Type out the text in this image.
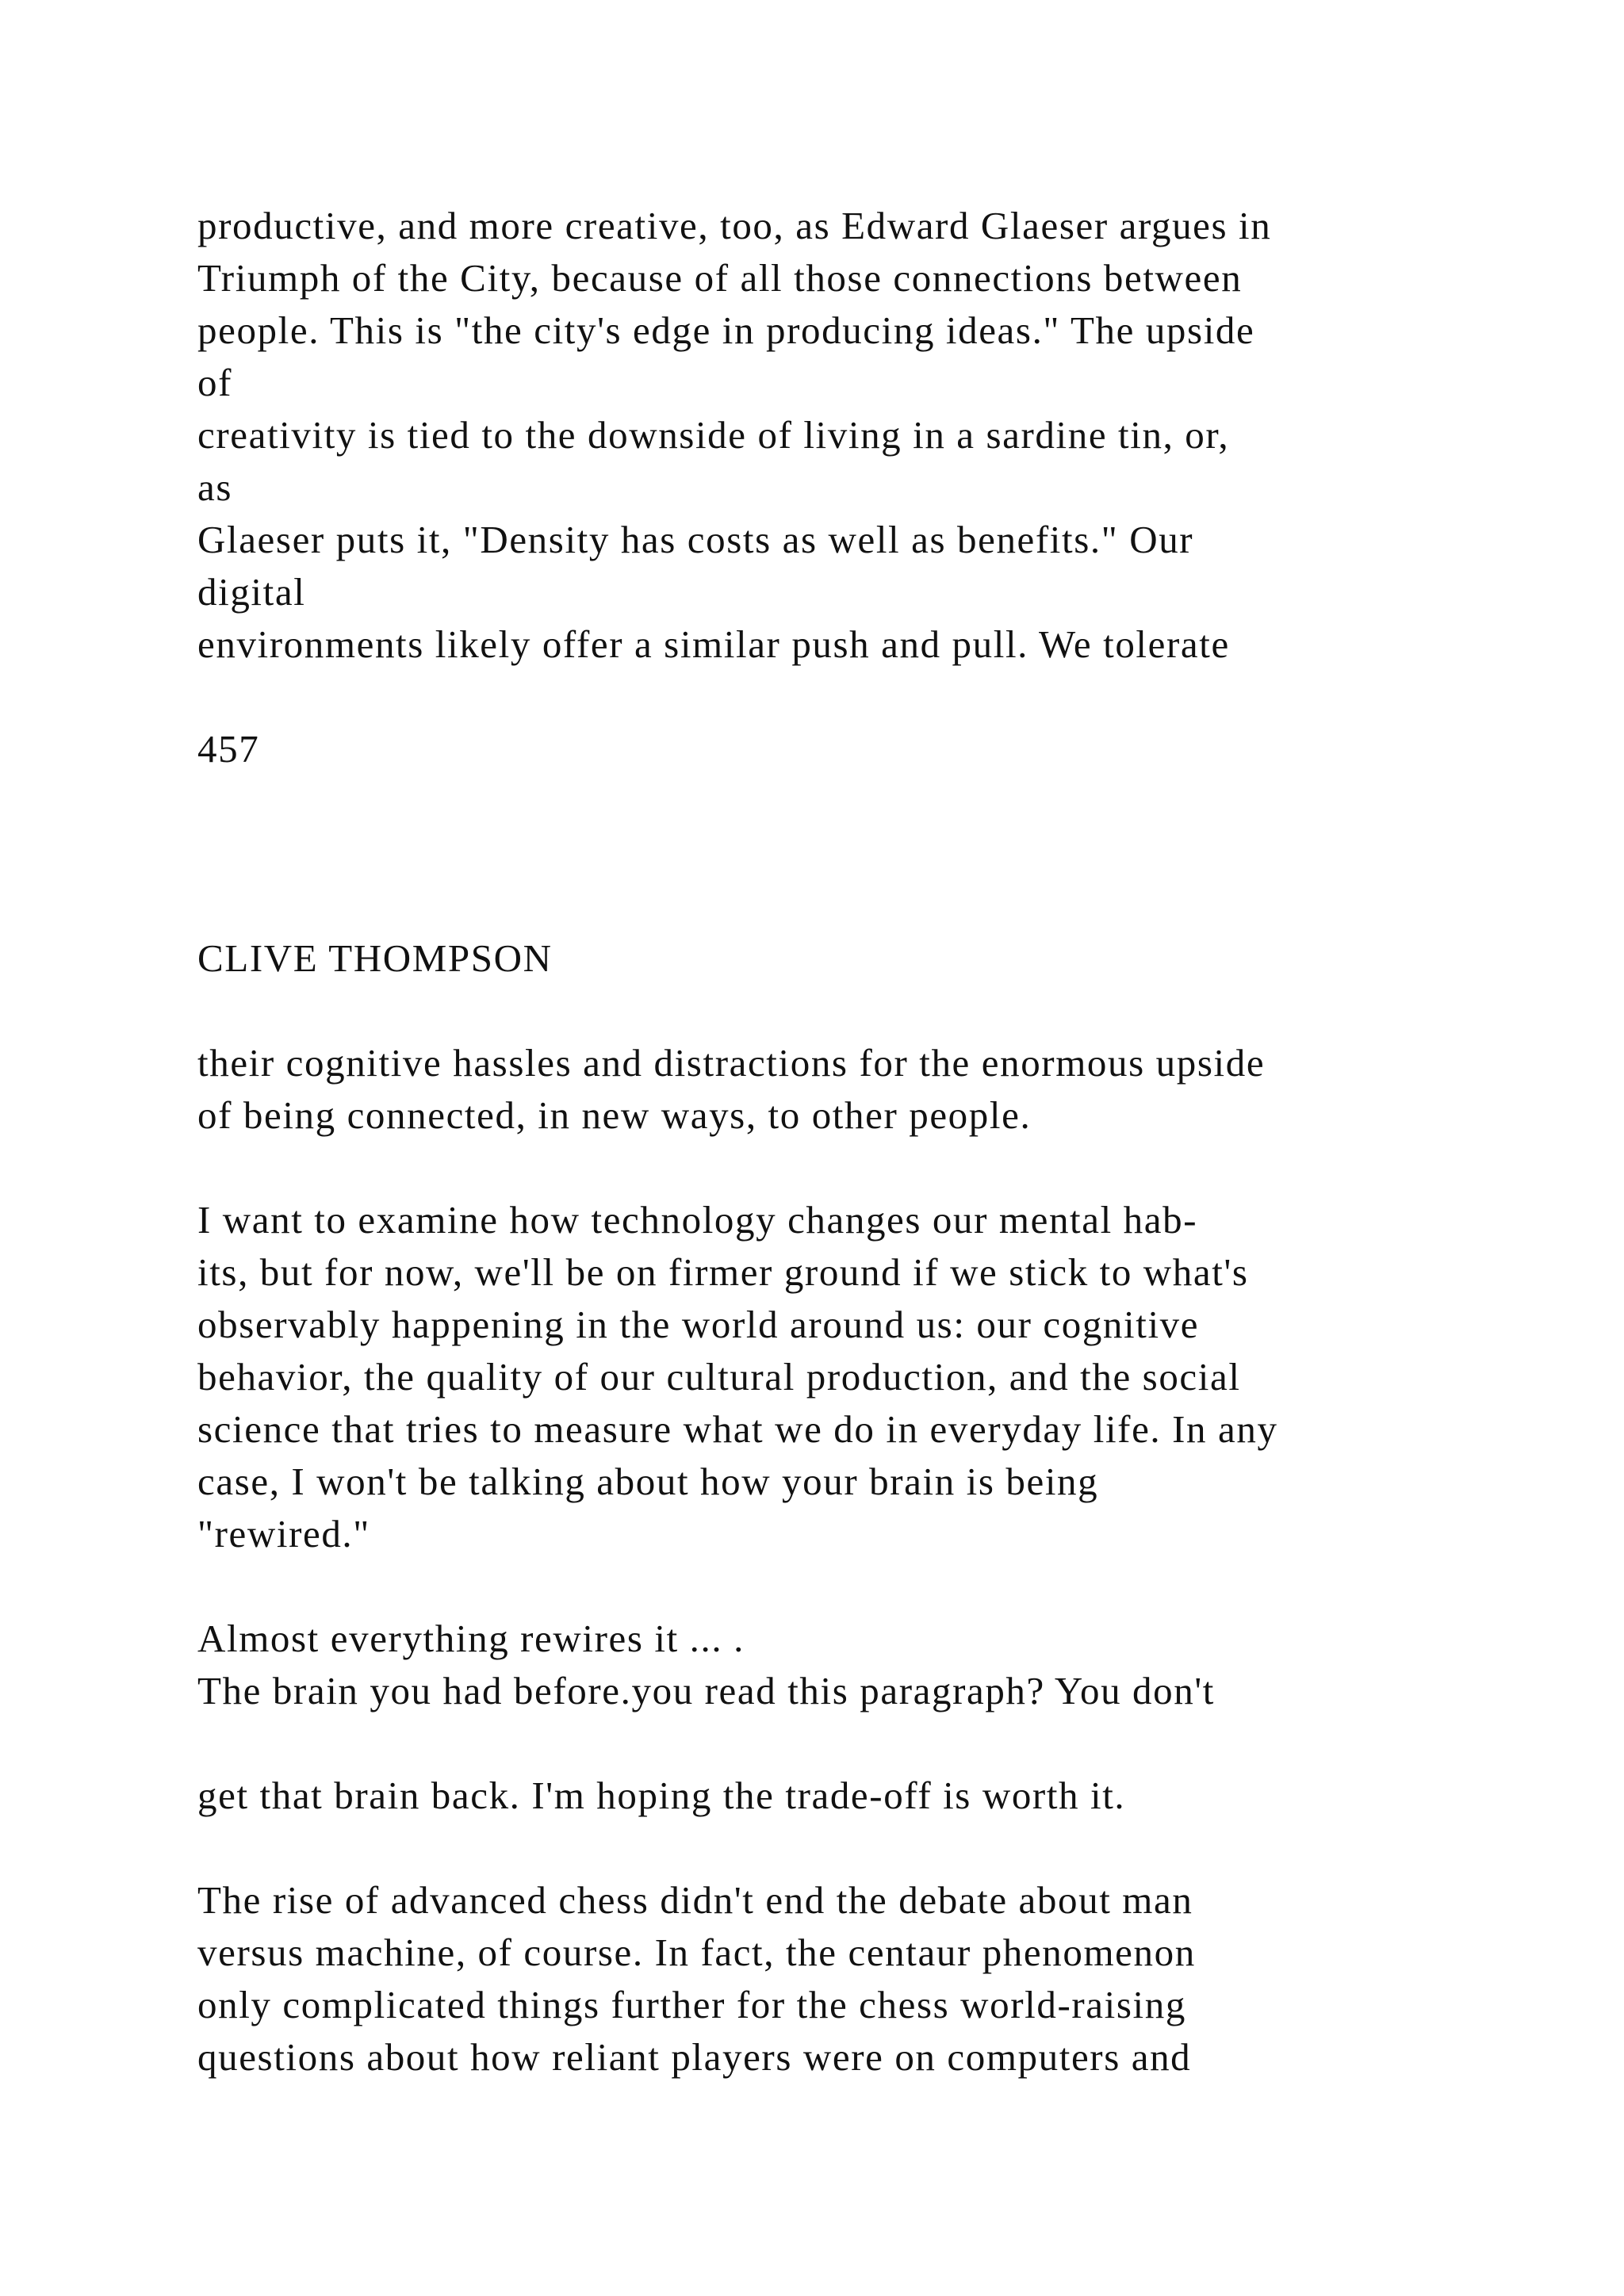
productive, and more creative, too, as Edward Glaeser argues in

Triumph of the City, because of all those connections between

people. This is "the city's edge in producing ideas." The upside

of

creativity is tied to the downside of living in a sardine tin, or,

as

Glaeser puts it, "Density has costs as well as benefits." Our

digital

environments likely offer a similar push and pull. We tolerate

457

CLIVE THOMPSON

their cognitive hassles and distractions for the enormous upside

of being connected, in new ways, to other people.

I want to examine how technology changes our mental hab-

its, but for now, we'll be on firmer ground if we stick to what's

observably happening in the world around us: our cognitive

behavior, the quality of our cultural production, and the social

science that tries to measure what we do in everyday life. In any

case, I won't be talking about how your brain is being

"rewired."

Almost everything rewires it ... .

The brain you had before.you read this paragraph? You don't

get that brain back. I'm hoping the trade-off is worth it.

The rise of advanced chess didn't end the debate about man

versus machine, of course. In fact, the centaur phenomenon

only complicated things further for the chess world-raising

questions about how reliant players were on computers and
